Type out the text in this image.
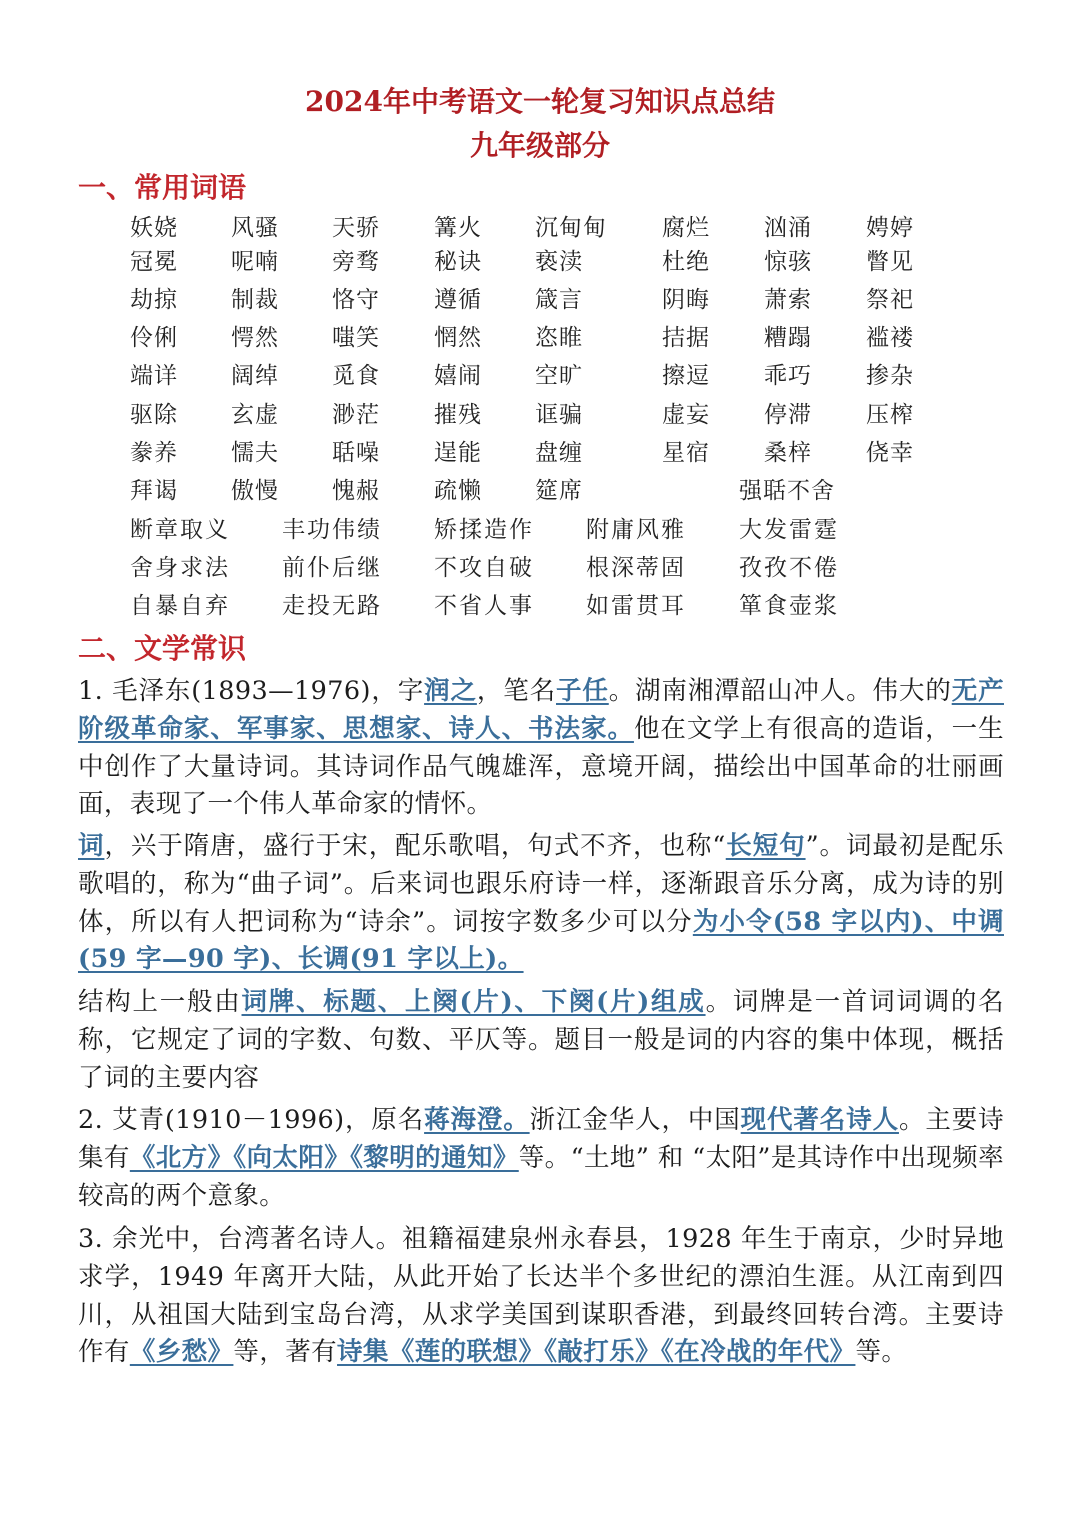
2024年中考语文一轮复习知识点总结
九年级部分
一、常用词语
妖娆 风骚 天骄 篝火 沉甸甸 腐烂 汹涌 娉婷
冠冕 呢喃 旁骛 秘诀 亵渎	杜绝 惊骇 瞥见
劫掠 制裁 恪守 遵循 箴言	阴晦 萧索 祭祀
伶俐 愕然 嗤笑 惘然 恣睢	拮据 糟蹋 褴褛
端详 阔绰 觅食 嬉闹 空旷	擦逗 乖巧 掺杂
驱除 玄虚 渺茫 摧残 诓骗	虚妄 停滞 压榨
豢养 懦夫 聒噪 逞能 盘缠	星宿 桑梓 侥幸
拜谒 傲慢 愧赧 疏懒 筵席	强聒不舍
断章取义 丰功伟绩 矫揉造作 附庸风雅 大发雷霆
舍身求法 前仆后继 不攻自破 根深蒂固 孜孜不倦
自暴自弃 走投无路 不省人事 如雷贯耳 箪食壶浆
二、文学常识
1. 毛泽东(1893—1976)，字润之，笔名子任。湖南湘潭韶山冲人。伟大的无产阶级革命家、军事家、思想家、诗人、书法家。他在文学上有很高的造诣，一生中创作了大量诗词。其诗词作品气魄雄浑，意境开阔，描绘出中国革命的壮丽画面，表现了一个伟人革命家的情怀。
词，兴于隋唐，盛行于宋，配乐歌唱，句式不齐，也称“长短句”。词最初是配乐歌唱的，称为“曲子词”。后来词也跟乐府诗一样，逐渐跟音乐分离，成为诗的别体，所以有人把词称为“诗余”。词按字数多少可以分为小令(58 字以内)、中调(59 字—90 字)、长调(91 字以上)。
结构上一般由词牌、标题、上阕(片)、下阕(片)组成。词牌是一首词词调的名称，它规定了词的字数、句数、平仄等。题目一般是词的内容的集中体现，概括了词的主要内容
2. 艾青(1910－1996)，原名蒋海澄。浙江金华人，中国现代著名诗人。主要诗集有《北方》《向太阳》《黎明的通知》等。“土地” 和 “太阳”是其诗作中出现频率较高的两个意象。
3. 余光中，台湾著名诗人。祖籍福建泉州永春县，1928 年生于南京，少时异地求学，1949 年离开大陆，从此开始了长达半个多世纪的漂泊生涯。从江南到四川，从祖国大陆到宝岛台湾，从求学美国到谋职香港，到最终回转台湾。主要诗作有《乡愁》等，著有诗集《莲的联想》《敲打乐》《在冷战的年代》等。
